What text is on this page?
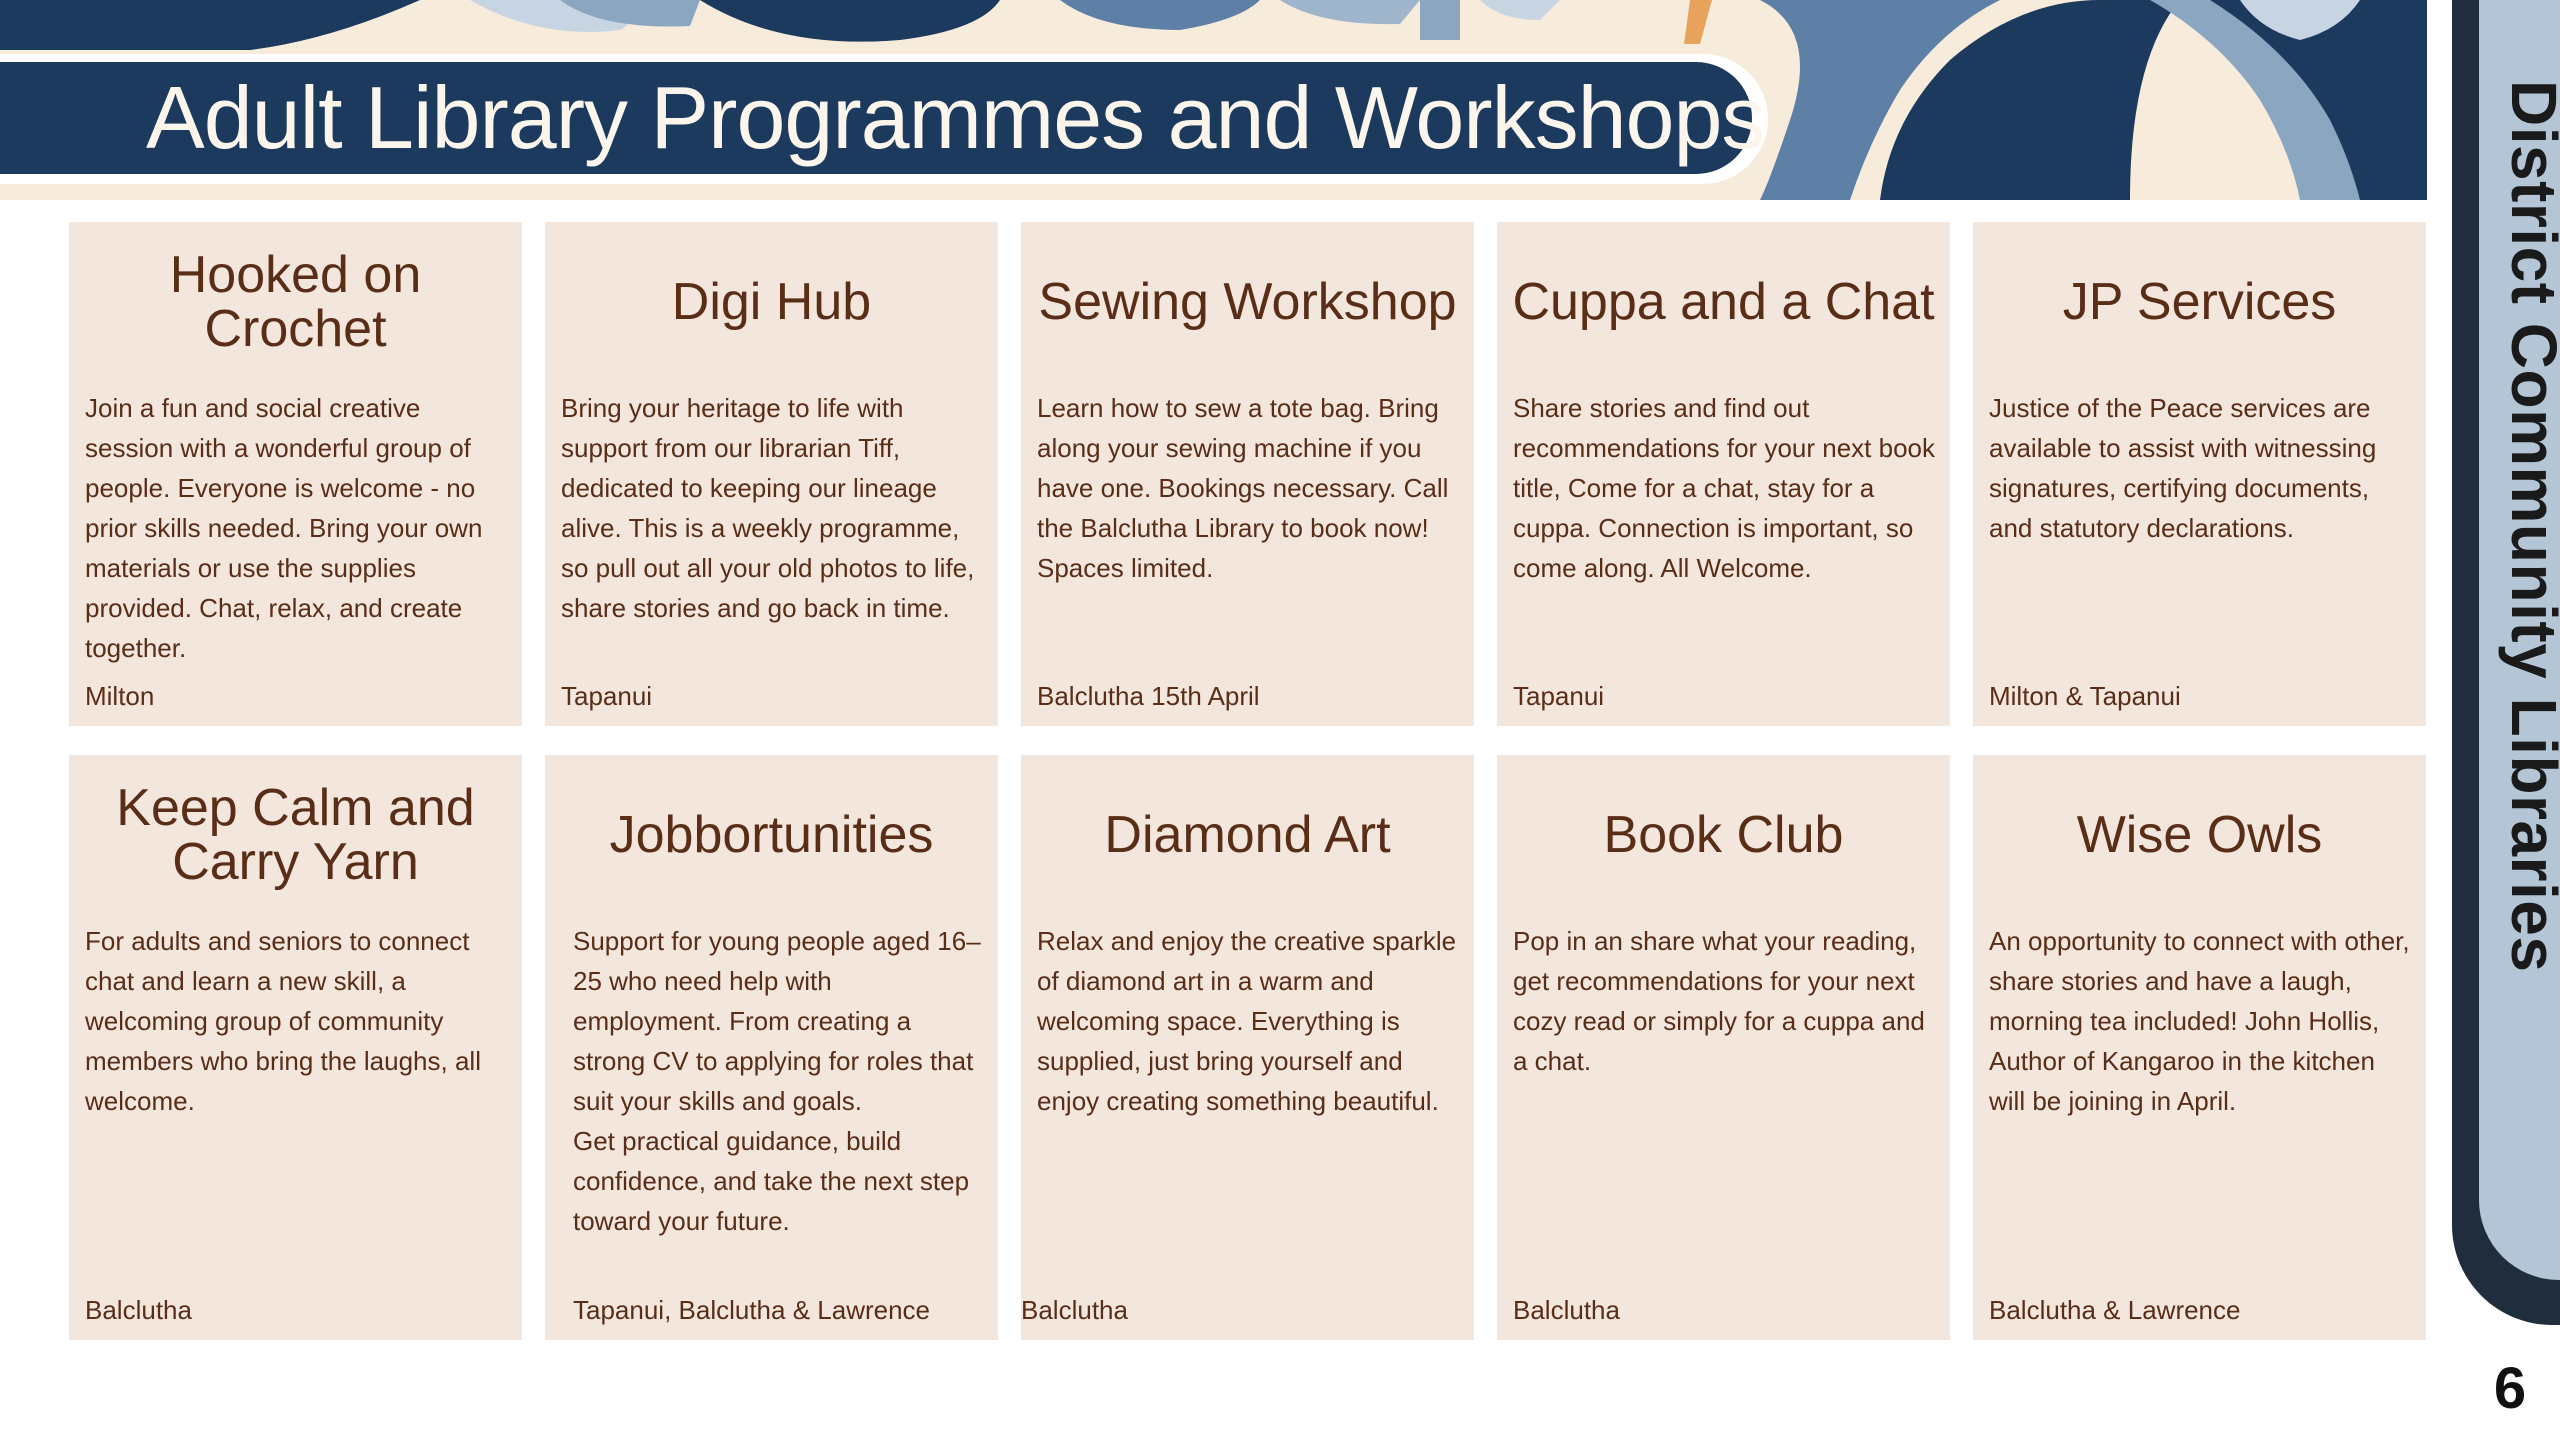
Adult Library Programmes and Workshops	District Community Libraries
6
Hooked on Crochet
Join a fun and social creative session with a wonderful group of people. Everyone is welcome - no prior skills needed. Bring your own materials or use the supplies provided. Chat, relax, and create together.
Milton
Digi Hub
Bring your heritage to life with support from our librarian Tiff, dedicated to keeping our lineage alive. This is a weekly programme, so pull out all your old photos to life, share stories and go back in time.
Tapanui
Sewing Workshop
Learn how to sew a tote bag. Bring along your sewing machine if you have one. Bookings necessary. Call the Balclutha Library to book now! Spaces limited.
Balclutha 15th April
Cuppa and a Chat
Share stories and find out recommendations for your next book title, Come for a chat, stay for a cuppa. Connection is important, so come along. All Welcome.
Tapanui
JP Services
Justice of the Peace services are available to assist with witnessing signatures, certifying documents, and statutory declarations.
Milton & Tapanui
Keep Calm and Carry Yarn
For adults and seniors to connect chat and learn a new skill, a welcoming group of community members who bring the laughs, all welcome.
Balclutha
Jobbortunities
Support for young people aged 16–25 who need help with employment. From creating a strong CV to applying for roles that suit your skills and goals.
Get practical guidance, build confidence, and take the next step toward your future.
Tapanui, Balclutha & Lawrence
Diamond Art
Relax and enjoy the creative sparkle of diamond art in a warm and welcoming space. Everything is supplied, just bring yourself and enjoy creating something beautiful.
Balclutha
Book Club
Pop in an share what your reading, get recommendations for your next cozy read or simply for a cuppa and a chat.
Balclutha
Wise Owls
An opportunity to connect with other, share stories and have a laugh, morning tea included! John Hollis, Author of Kangaroo in the kitchen will be joining in April.
Balclutha & Lawrence
